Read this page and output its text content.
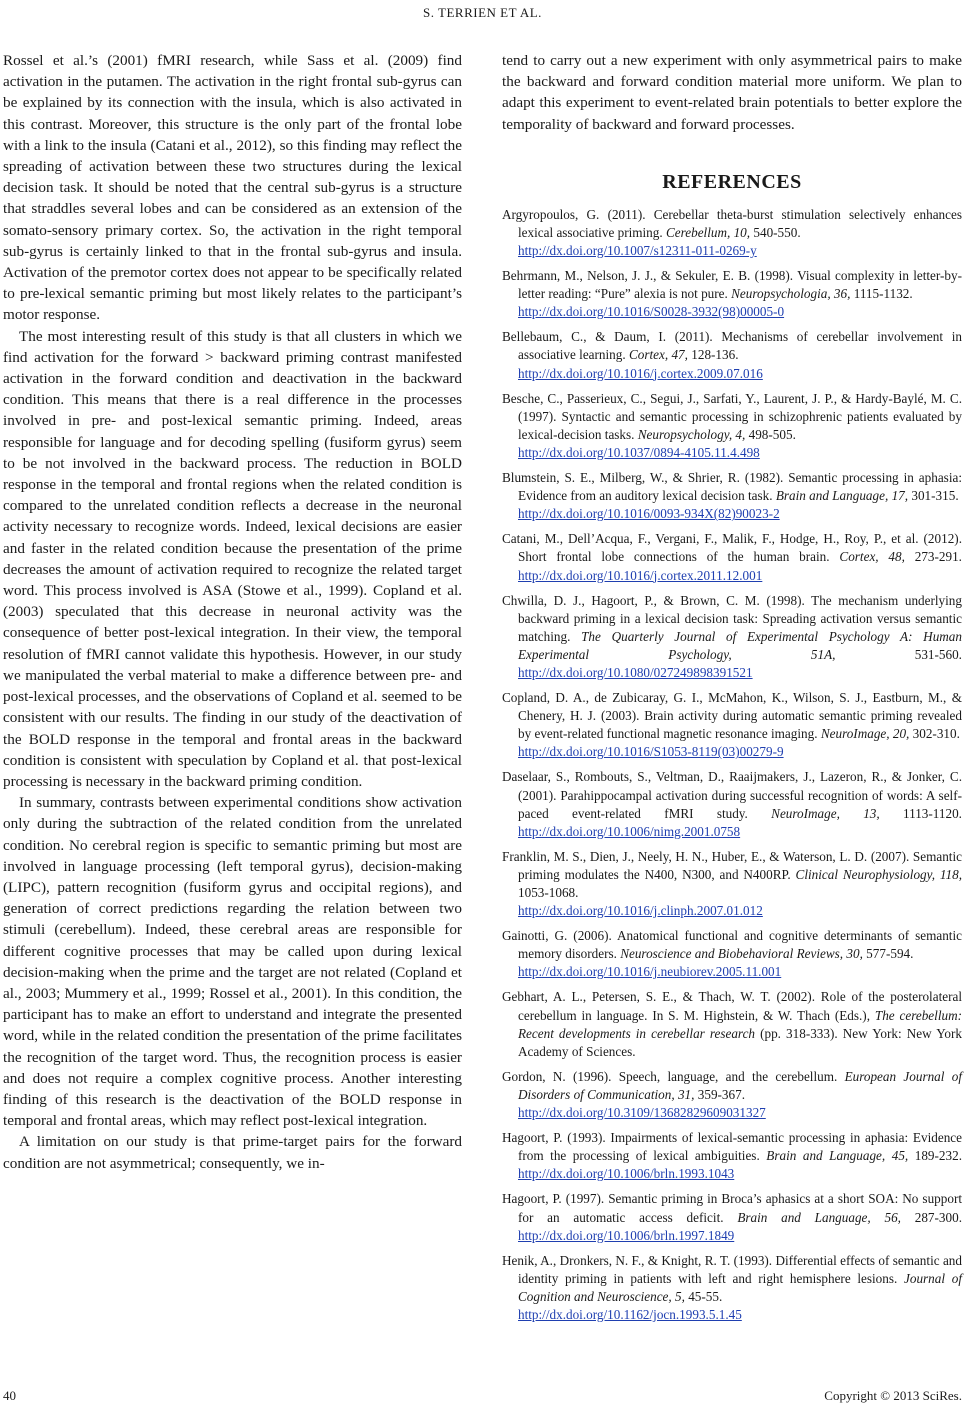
S. TERRIEN ET AL.

Rossel et al.’s (2001) fMRI research, while Sass et al. (2009) find activation in the putamen. The activation in the right frontal sub-gyrus can be explained by its connection with the insula, which is also activated in this contrast. Moreover, this structure is the only part of the frontal lobe with a link to the insula (Catani et al., 2012), so this finding may reflect the spreading of activation between these two structures during the lexical decision task. It should be noted that the central sub-gyrus is a structure that straddles several lobes and can be considered as an extension of the somato-sensory primary cortex. So, the activation in the right temporal sub-gyrus is certainly linked to that in the frontal sub-gyrus and insula. Activation of the premotor cortex does not appear to be specifically related to pre-lexical semantic priming but most likely relates to the participant’s motor response.

The most interesting result of this study is that all clusters in which we find activation for the forward > backward priming contrast manifested activation in the forward condition and deactivation in the backward condition. This means that there is a real difference in the processes involved in pre- and post-lexical semantic priming. Indeed, areas responsible for language and for decoding spelling (fusiform gyrus) seem to be not involved in the backward process. The reduction in BOLD response in the temporal and frontal regions when the related condition is compared to the unrelated condition reflects a decrease in the neuronal activity necessary to recognize words. Indeed, lexical decisions are easier and faster in the related condition because the presentation of the prime decreases the amount of activation required to recognize the related target word. This process involved is ASA (Stowe et al., 1999). Copland et al. (2003) speculated that this decrease in neuronal activity was the consequence of better post-lexical integration. In their view, the temporal resolution of fMRI cannot validate this hypothesis. However, in our study we manipulated the verbal material to make a difference between pre- and post-lexical processes, and the observations of Copland et al. seemed to be consistent with our results. The finding in our study of the deactivation of the BOLD response in the temporal and frontal areas in the backward condition is consistent with speculation by Copland et al. that post-lexical processing is necessary in the backward priming condition.

In summary, contrasts between experimental conditions show activation only during the subtraction of the related condition from the unrelated condition. No cerebral region is specific to semantic priming but most are involved in language processing (left temporal gyrus), decision-making (LIPC), pattern recognition (fusiform gyrus and occipital regions), and generation of correct predictions regarding the relation between two stimuli (cerebellum). Indeed, these cerebral areas are responsible for different cognitive processes that may be called upon during lexical decision-making when the prime and the target are not related (Copland et al., 2003; Mummery et al., 1999; Rossel et al., 2001). In this condition, the participant has to make an effort to understand and integrate the presented word, while in the related condition the presentation of the prime facilitates the recognition of the target word. Thus, the recognition process is easier and does not require a complex cognitive process. Another interesting finding of this research is the deactivation of the BOLD response in temporal and frontal areas, which may reflect post-lexical integration.

A limitation on our study is that prime-target pairs for the forward condition are not asymmetrical; consequently, we in-

tend to carry out a new experiment with only asymmetrical pairs to make the backward and forward condition material more uniform. We plan to adapt this experiment to event-related brain potentials to better explore the temporality of backward and forward processes.

REFERENCES

Argyropoulos, G. (2011). Cerebellar theta-burst stimulation selectively enhances lexical associative priming. Cerebellum, 10, 540-550.
http://dx.doi.org/10.1007/s12311-011-0269-y

Behrmann, M., Nelson, J. J., & Sekuler, E. B. (1998). Visual complexity in letter-by-letter reading: “Pure” alexia is not pure. Neuropsychologia, 36, 1115-1132.
http://dx.doi.org/10.1016/S0028-3932(98)00005-0

Bellebaum, C., & Daum, I. (2011). Mechanisms of cerebellar involvement in associative learning. Cortex, 47, 128-136.
http://dx.doi.org/10.1016/j.cortex.2009.07.016

Besche, C., Passerieux, C., Segui, J., Sarfati, Y., Laurent, J. P., & Hardy-Baylé, M. C. (1997). Syntactic and semantic processing in schizophrenic patients evaluated by lexical-decision tasks. Neuropsychology, 4, 498-505.
http://dx.doi.org/10.1037/0894-4105.11.4.498

Blumstein, S. E., Milberg, W., & Shrier, R. (1982). Semantic processing in aphasia: Evidence from an auditory lexical decision task. Brain and Language, 17, 301-315.
http://dx.doi.org/10.1016/0093-934X(82)90023-2

Catani, M., Dell’Acqua, F., Vergani, F., Malik, F., Hodge, H., Roy, P., et al. (2012). Short frontal lobe connections of the human brain. Cortex, 48, 273-291. http://dx.doi.org/10.1016/j.cortex.2011.12.001

Chwilla, D. J., Hagoort, P., & Brown, C. M. (1998). The mechanism underlying backward priming in a lexical decision task: Spreading activation versus semantic matching. The Quarterly Journal of Experimental Psychology A: Human Experimental Psychology, 51A, 531-560. http://dx.doi.org/10.1080/027249898391521

Copland, D. A., de Zubicaray, G. I., McMahon, K., Wilson, S. J., Eastburn, M., & Chenery, H. J. (2003). Brain activity during automatic semantic priming revealed by event-related functional magnetic resonance imaging. NeuroImage, 20, 302-310.
http://dx.doi.org/10.1016/S1053-8119(03)00279-9

Daselaar, S., Rombouts, S., Veltman, D., Raaijmakers, J., Lazeron, R., & Jonker, C. (2001). Parahippocampal activation during successful recognition of words: A self-paced event-related fMRI study. NeuroImage, 13, 1113-1120. http://dx.doi.org/10.1006/nimg.2001.0758

Franklin, M. S., Dien, J., Neely, H. N., Huber, E., & Waterson, L. D. (2007). Semantic priming modulates the N400, N300, and N400RP. Clinical Neurophysiology, 118, 1053-1068.
http://dx.doi.org/10.1016/j.clinph.2007.01.012

Gainotti, G. (2006). Anatomical functional and cognitive determinants of semantic memory disorders. Neuroscience and Biobehavioral Reviews, 30, 577-594.
http://dx.doi.org/10.1016/j.neubiorev.2005.11.001

Gebhart, A. L., Petersen, S. E., & Thach, W. T. (2002). Role of the posterolateral cerebellum in language. In S. M. Highstein, & W. Thach (Eds.), The cerebellum: Recent developments in cerebellar research (pp. 318-333). New York: New York Academy of Sciences.

Gordon, N. (1996). Speech, language, and the cerebellum. European Journal of Disorders of Communication, 31, 359-367.
http://dx.doi.org/10.3109/13682829609031327

Hagoort, P. (1993). Impairments of lexical-semantic processing in aphasia: Evidence from the processing of lexical ambiguities. Brain and Language, 45, 189-232. http://dx.doi.org/10.1006/brln.1993.1043

Hagoort, P. (1997). Semantic priming in Broca’s aphasics at a short SOA: No support for an automatic access deficit. Brain and Language, 56, 287-300. http://dx.doi.org/10.1006/brln.1997.1849

Henik, A., Dronkers, N. F., & Knight, R. T. (1993). Differential effects of semantic and identity priming in patients with left and right hemisphere lesions. Journal of Cognition and Neuroscience, 5, 45-55.
http://dx.doi.org/10.1162/jocn.1993.5.1.45

40	Copyright © 2013 SciRes.
